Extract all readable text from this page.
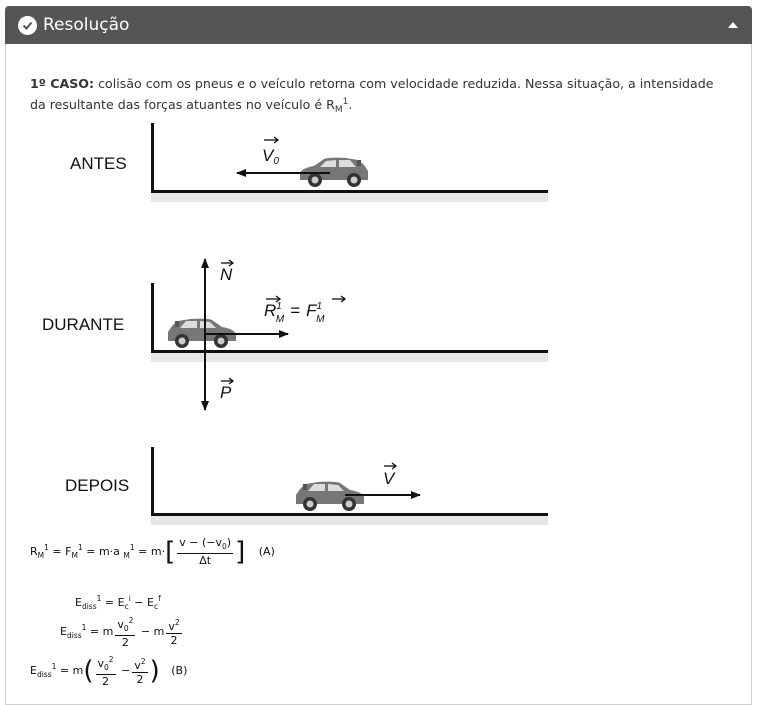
Resolução
1º CASO: colisão com os pneus e o veículo retorna com velocidade reduzida. Nessa situação, a intensidade da resultante das forças atuantes no veículo é $R_M^1$.
ANTES	V0
DURANTE
N
P
$R^1$ $M = F^1$ M
DEPOIS	V
$R_M^1 = F_M^1 = m\cdot a$ $_M^1 = m\cdot[ \frac{v - (-v_0)}{\Delta t}$ ] (A)
$E_{diss}^1 = E_c^i - E_c^f$
$E_{diss}^1 = m \frac{v_0^2}{2} - m \frac{v^2}{2}$
$E_{diss}^1 = m( \frac{v_0^2}{2} - \frac{v^2}{2}$ ) (B)
